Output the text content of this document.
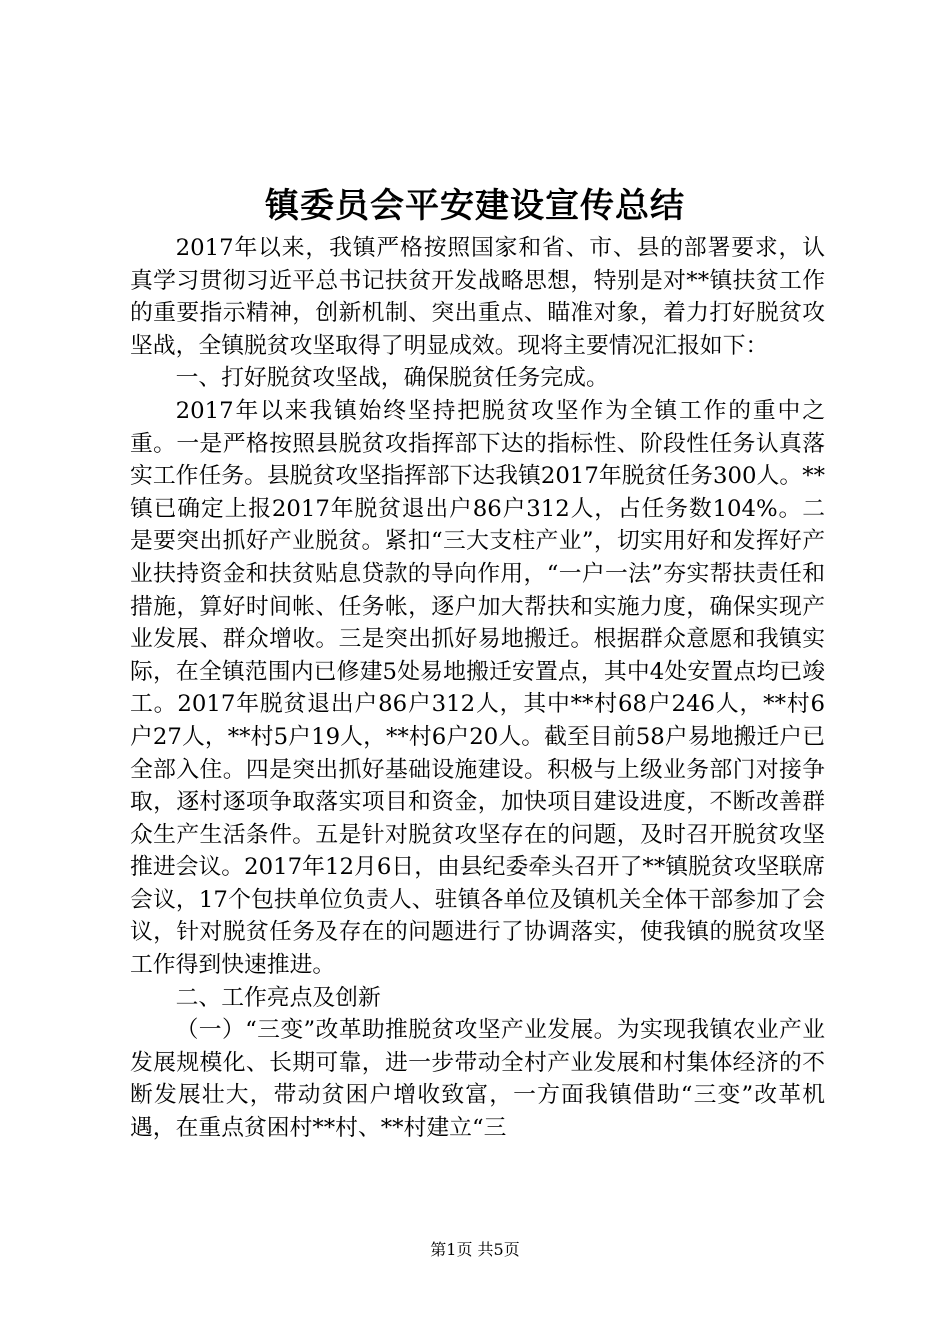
镇委员会平安建设宣传总结

2017年以来，我镇严格按照国家和省、市、县的部署要求，认真学习贯彻习近平总书记扶贫开发战略思想，特别是对**镇扶贫工作的重要指示精神，创新机制、突出重点、瞄准对象，着力打好脱贫攻坚战，全镇脱贫攻坚取得了明显成效。现将主要情况汇报如下：

一、打好脱贫攻坚战，确保脱贫任务完成。

2017年以来我镇始终坚持把脱贫攻坚作为全镇工作的重中之重。一是严格按照县脱贫攻指挥部下达的指标性、阶段性任务认真落实工作任务。县脱贫攻坚指挥部下达我镇2017年脱贫任务300人。**镇已确定上报2017年脱贫退出户86户312人，占任务数104%。二是要突出抓好产业脱贫。紧扣“三大支柱产业”，切实用好和发挥好产业扶持资金和扶贫贴息贷款的导向作用，“一户一法”夯实帮扶责任和措施，算好时间帐、任务帐，逐户加大帮扶和实施力度，确保实现产业发展、群众增收。三是突出抓好易地搬迁。根据群众意愿和我镇实际，在全镇范围内已修建5处易地搬迁安置点，其中4处安置点均已竣工。2017年脱贫退出户86户312人，其中**村68户246人，**村6户27人，**村5户19人，**村6户20人。截至目前58户易地搬迁户已全部入住。四是突出抓好基础设施建设。积极与上级业务部门对接争取，逐村逐项争取落实项目和资金，加快项目建设进度，不断改善群众生产生活条件。五是针对脱贫攻坚存在的问题，及时召开脱贫攻坚推进会议。2017年12月6日，由县纪委牵头召开了**镇脱贫攻坚联席会议，17个包扶单位负责人、驻镇各单位及镇机关全体干部参加了会议，针对脱贫任务及存在的问题进行了协调落实，使我镇的脱贫攻坚工作得到快速推进。

二、工作亮点及创新

（一）“三变”改革助推脱贫攻坚产业发展。为实现我镇农业产业发展规模化、长期可靠，进一步带动全村产业发展和村集体经济的不断发展壮大，带动贫困户增收致富，一方面我镇借助“三变”改革机遇，在重点贫困村**村、**村建立“三

第1页 共5页
